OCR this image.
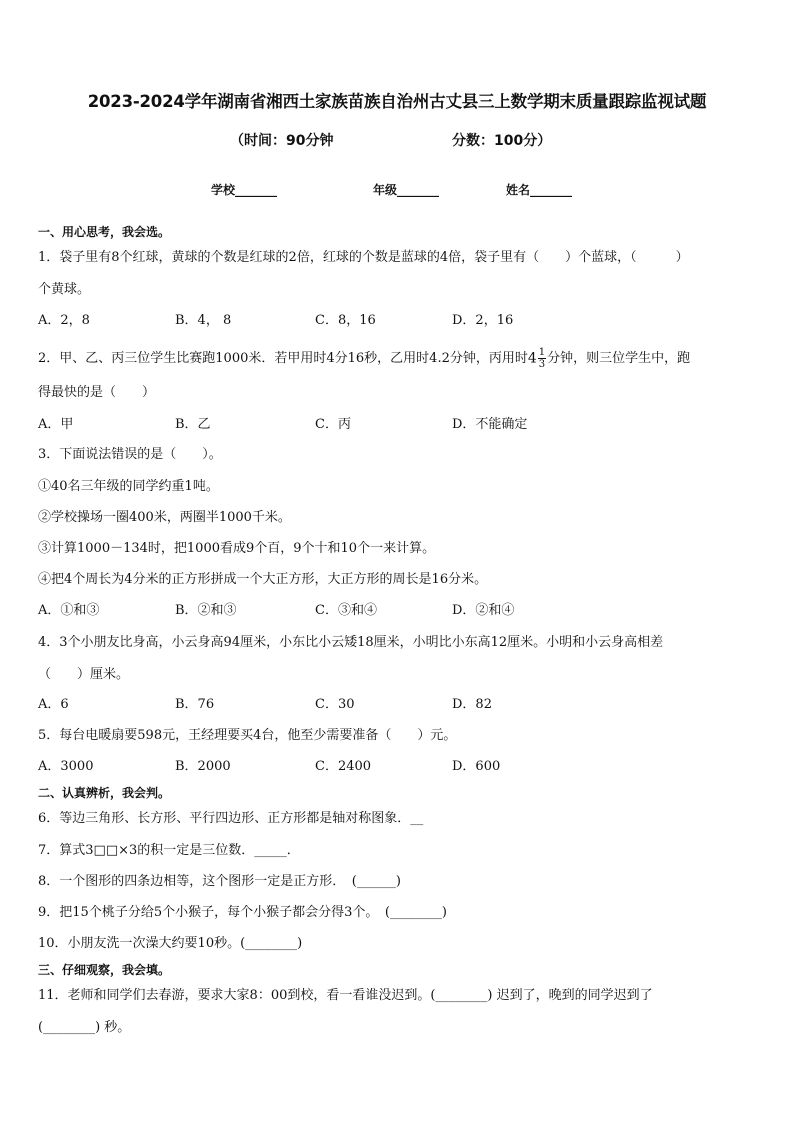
2023-2024学年湖南省湘西土家族苗族自治州古丈县三上数学期末质量跟踪监视试题
（时间：90分钟	分数：100分）
学校_______	年级_______	姓名_______
一、用心思考，我会选。
1．袋子里有8个红球，黄球的个数是红球的2倍，红球的个数是蓝球的4倍，袋子里有（　　）个蓝球，（　　　）
个黄球。
A．2，8	B．4， 8	C．8，16	D．2，16
2．甲、乙、丙三位学生比赛跑1000米．若甲用时4分16秒，乙用时4.2分钟，丙用时$4 \frac{1}{3}$ 分钟，则三位学生中，跑
得最快的是（　　）
A．甲	B．乙	C．丙	D．不能确定
3．下面说法错误的是（　　）。
①40名三年级的同学约重1吨。
②学校操场一圈400米，两圈半1000千米。
③计算1000－134时，把1000看成9个百，9个十和10个一来计算。
④把4个周长为4分米的正方形拼成一个大正方形，大正方形的周长是16分米。
A．①和③	B．②和③	C．③和④	D．②和④
4．3个小朋友比身高，小云身高94厘米，小东比小云矮18厘米，小明比小东高12厘米。小明和小云身高相差
（　　）厘米。
A．6	B．76	C．30	D．82
5．每台电暖扇要598元，王经理要买4台，他至少需要准备（　　）元。
A．3000	B．2000	C．2400	D．600
二、认真辨析，我会判。
6．等边三角形、长方形、平行四边形、正方形都是轴对称图象．__
7．算式3□□×3的积一定是三位数．_____．
8．一个图形的四条边相等，这个图形一定是正方形．　(______)
9．把15个桃子分给5个小猴子，每个小猴子都会分得3个。　(________)
10．小朋友洗一次澡大约要10秒。(________)
三、仔细观察，我会填。
11．老师和同学们去春游，要求大家8：00到校，看一看谁没迟到。(________) 迟到了，晚到的同学迟到了
(________) 秒。
